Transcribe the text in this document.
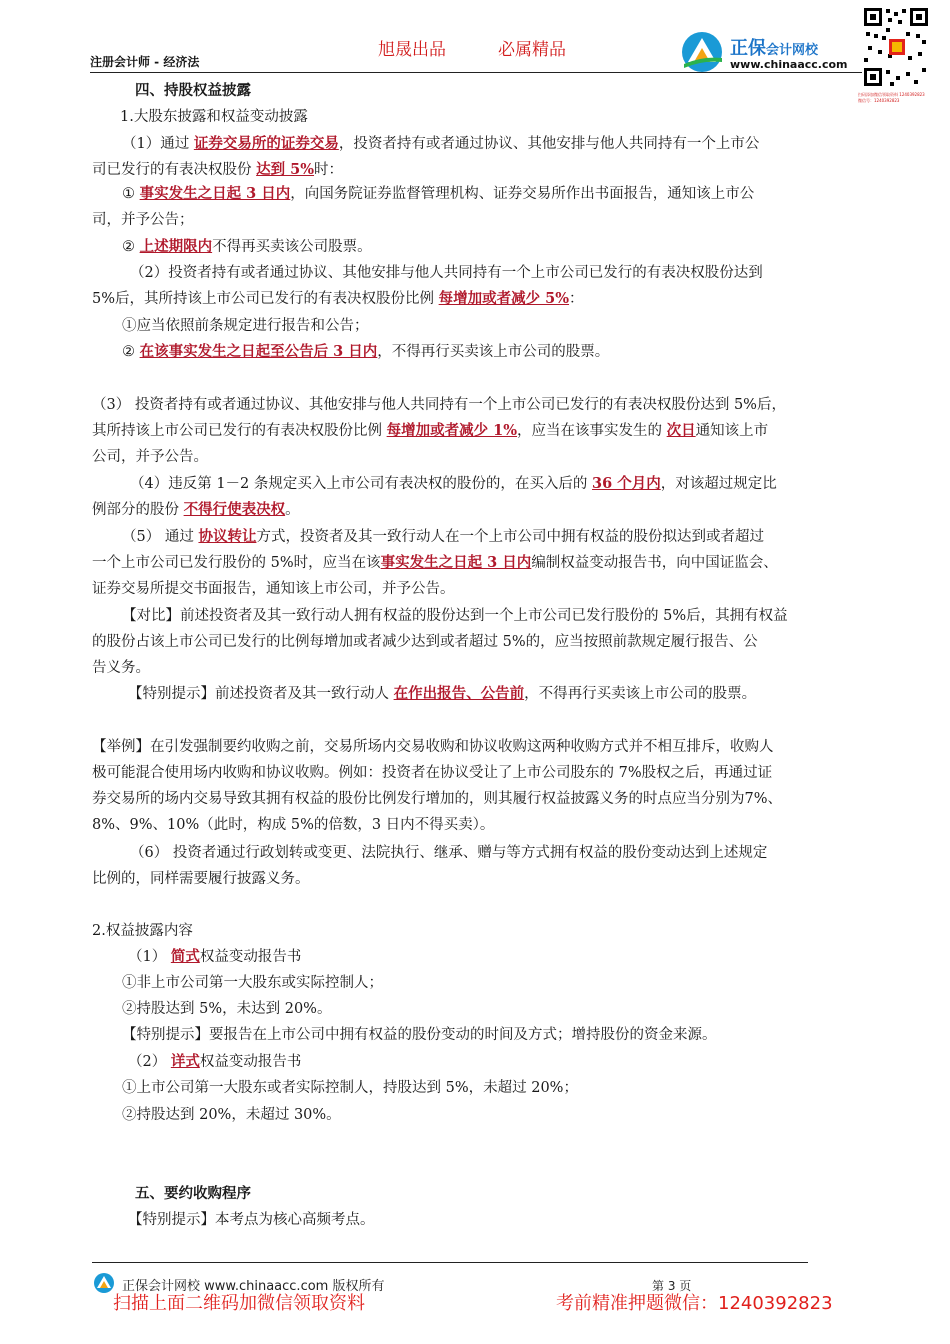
旭晟出品	必属精品
注册会计师 - 经济法
正保会计网校
www.chinaacc.com
扫码添加微信领取资料 1240392823
微信号：1240392823
四、持股权益披露
1.大股东披露和权益变动披露
（1）通过 证券交易所的证券交易，投资者持有或者通过协议、其他安排与他人共同持有一个上市公
司已发行的有表决权股份 达到 5%时：
① 事实发生之日起 3 日内，向国务院证券监督管理机构、证券交易所作出书面报告，通知该上市公
司，并予公告；
② 上述期限内不得再买卖该公司股票。
（2）投资者持有或者通过协议、其他安排与他人共同持有一个上市公司已发行的有表决权股份达到
5%后，其所持该上市公司已发行的有表决权股份比例 每增加或者减少 5%：
①应当依照前条规定进行报告和公告；
② 在该事实发生之日起至公告后 3 日内，不得再行买卖该上市公司的股票。
（3） 投资者持有或者通过协议、其他安排与他人共同持有一个上市公司已发行的有表决权股份达到 5%后，
其所持该上市公司已发行的有表决权股份比例 每增加或者减少 1%，应当在该事实发生的 次日通知该上市
公司，并予公告。
（4）违反第 1－2 条规定买入上市公司有表决权的股份的，在买入后的 36 个月内，对该超过规定比
例部分的股份 不得行使表决权。
（5） 通过 协议转让方式，投资者及其一致行动人在一个上市公司中拥有权益的股份拟达到或者超过
一个上市公司已发行股份的 5%时，应当在该事实发生之日起 3 日内编制权益变动报告书，向中国证监会、
证券交易所提交书面报告，通知该上市公司，并予公告。
【对比】前述投资者及其一致行动人拥有权益的股份达到一个上市公司已发行股份的 5%后，其拥有权益
的股份占该上市公司已发行的比例每增加或者减少达到或者超过 5%的，应当按照前款规定履行报告、公
告义务。
【特别提示】前述投资者及其一致行动人 在作出报告、公告前，不得再行买卖该上市公司的股票。
【举例】在引发强制要约收购之前，交易所场内交易收购和协议收购这两种收购方式并不相互排斥，收购人
极可能混合使用场内收购和协议收购。例如：投资者在协议受让了上市公司股东的 7%股权之后，再通过证
券交易所的场内交易导致其拥有权益的股份比例发行增加的，则其履行权益披露义务的时点应当分别为7%、
8%、9%、10%（此时，构成 5%的倍数，3 日内不得买卖）。
（6） 投资者通过行政划转或变更、法院执行、继承、赠与等方式拥有权益的股份变动达到上述规定
比例的，同样需要履行披露义务。
2.权益披露内容
（1） 简式权益变动报告书
①非上市公司第一大股东或实际控制人；
②持股达到 5%，未达到 20%。
【特别提示】要报告在上市公司中拥有权益的股份变动的时间及方式；增持股份的资金来源。
（2） 详式权益变动报告书
①上市公司第一大股东或者实际控制人，持股达到 5%，未超过 20%；
②持股达到 20%，未超过 30%。
五、要约收购程序
【特别提示】本考点为核心高频考点。
正保会计网校 www.chinaacc.com 版权所有	第 3 页
扫描上面二维码加微信领取资料	考前精准押题微信：1240392823
